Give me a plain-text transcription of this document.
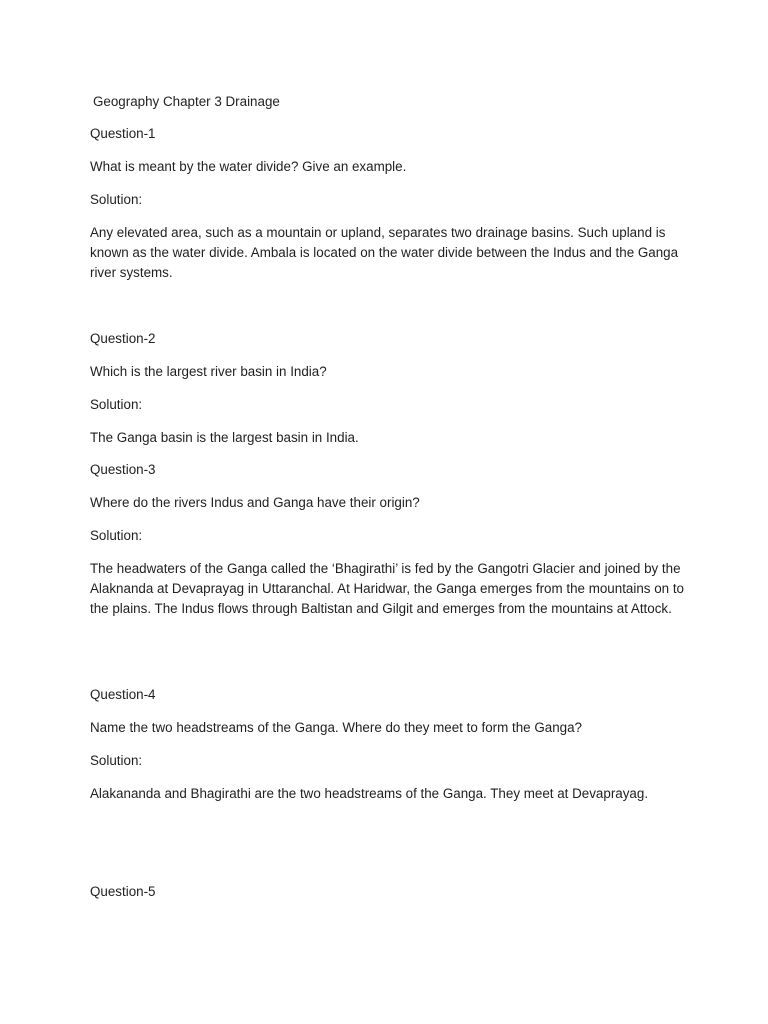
Geography Chapter 3 Drainage

Question-1

What is meant by the water divide? Give an example.

Solution:

Any elevated area, such as a mountain or upland, separates two drainage basins. Such upland is known as the water divide. Ambala is located on the water divide between the Indus and the Ganga river systems.

Question-2

Which is the largest river basin in India?

Solution:

The Ganga basin is the largest basin in India.

Question-3

Where do the rivers Indus and Ganga have their origin?

Solution:

The headwaters of the Ganga called the ‘Bhagirathi’ is fed by the Gangotri Glacier and joined by the Alaknanda at Devaprayag in Uttaranchal. At Haridwar, the Ganga emerges from the mountains on to the plains. The Indus flows through Baltistan and Gilgit and emerges from the mountains at Attock.

Question-4

Name the two headstreams of the Ganga. Where do they meet to form the Ganga?

Solution:

Alakananda and Bhagirathi are the two headstreams of the Ganga. They meet at Devaprayag.

Question-5
